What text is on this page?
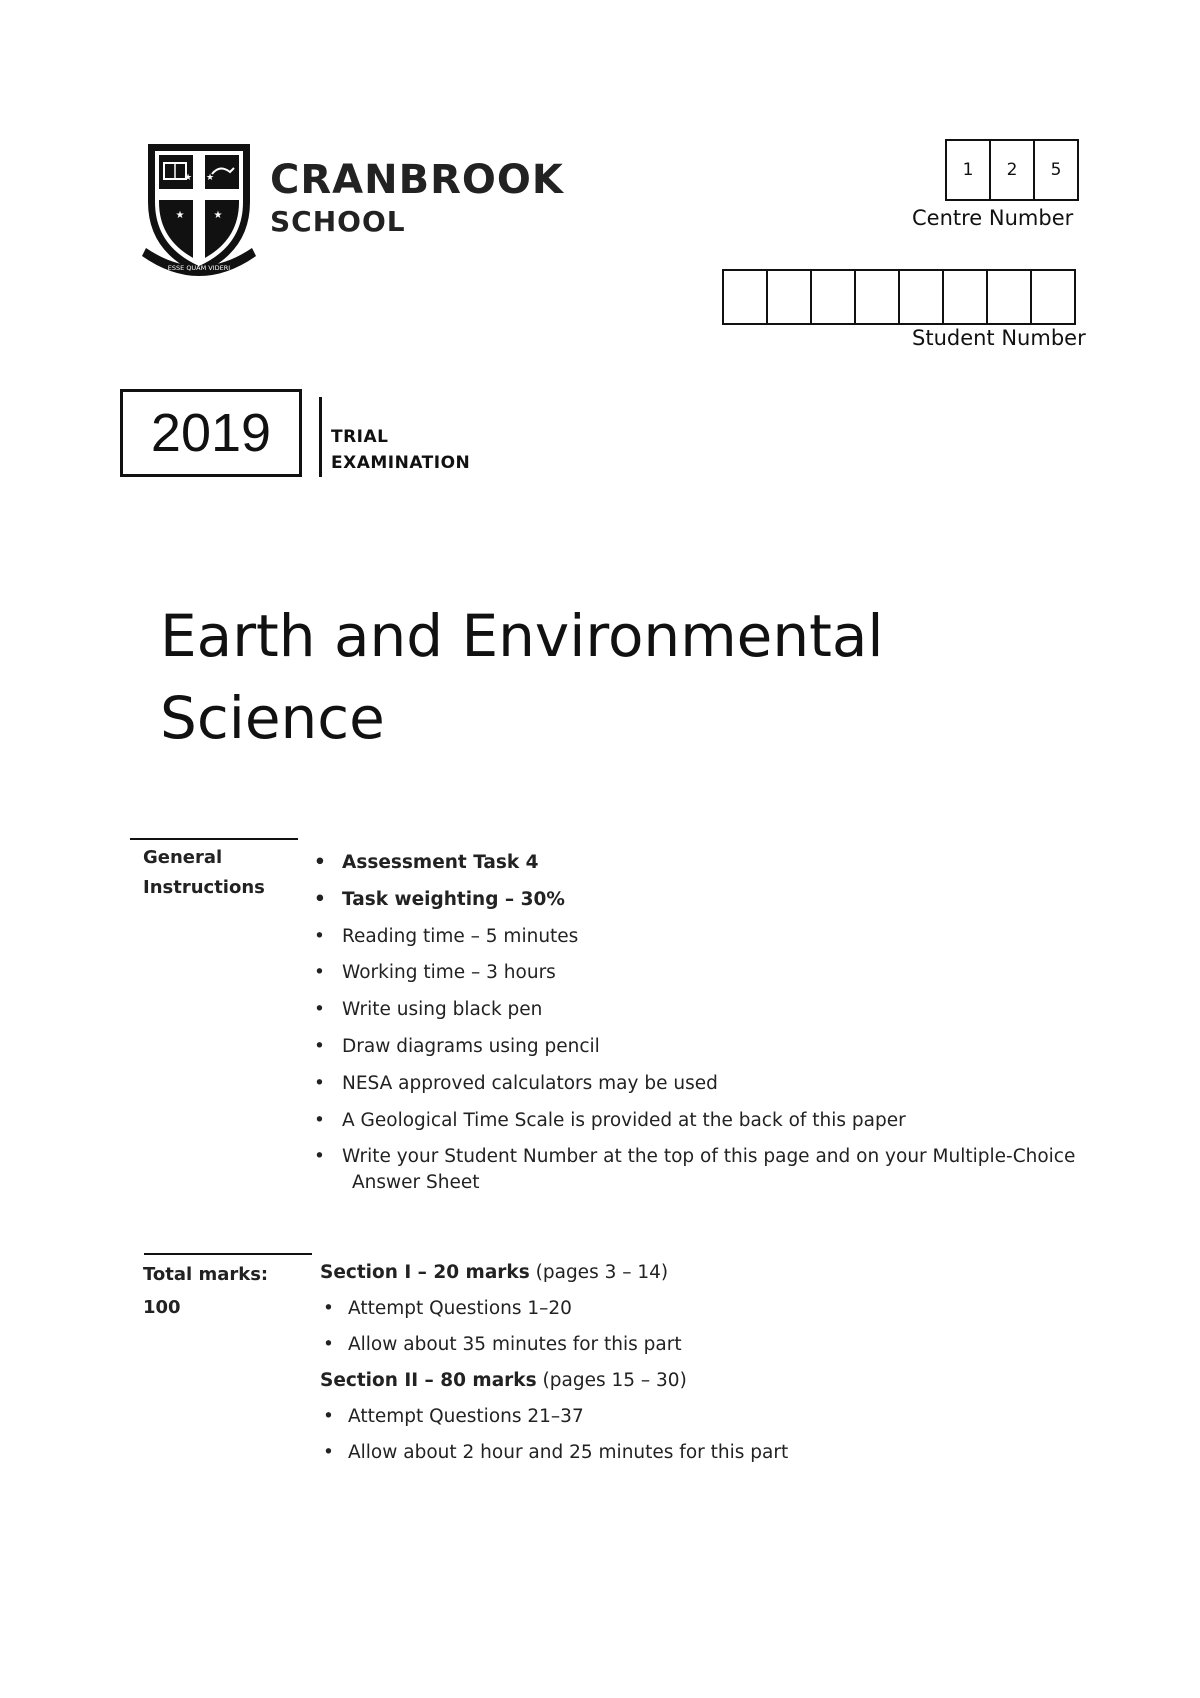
★ ★
★	★
★
ESSE QUAM VIDERI
CRANBROOK
SCHOOL
1	2	5
Centre Number
Student Number
2019	TRIAL
EXAMINATION
Earth and Environmental
Science
General
Instructions
• Assessment Task 4
• Task weighting – 30%
• Reading time – 5 minutes
• Working time – 3 hours
• Write using black pen
• Draw diagrams using pencil
• NESA approved calculators may be used
• A Geological Time Scale is provided at the back of this paper
• Write your Student Number at the top of this page and on your Multiple-Choice
Answer Sheet
Total marks:
100
Section I – 20 marks (pages 3 – 14)
• Attempt Questions 1–20
• Allow about 35 minutes for this part
Section II – 80 marks (pages 15 – 30)
• Attempt Questions 21–37
• Allow about 2 hour and 25 minutes for this part
